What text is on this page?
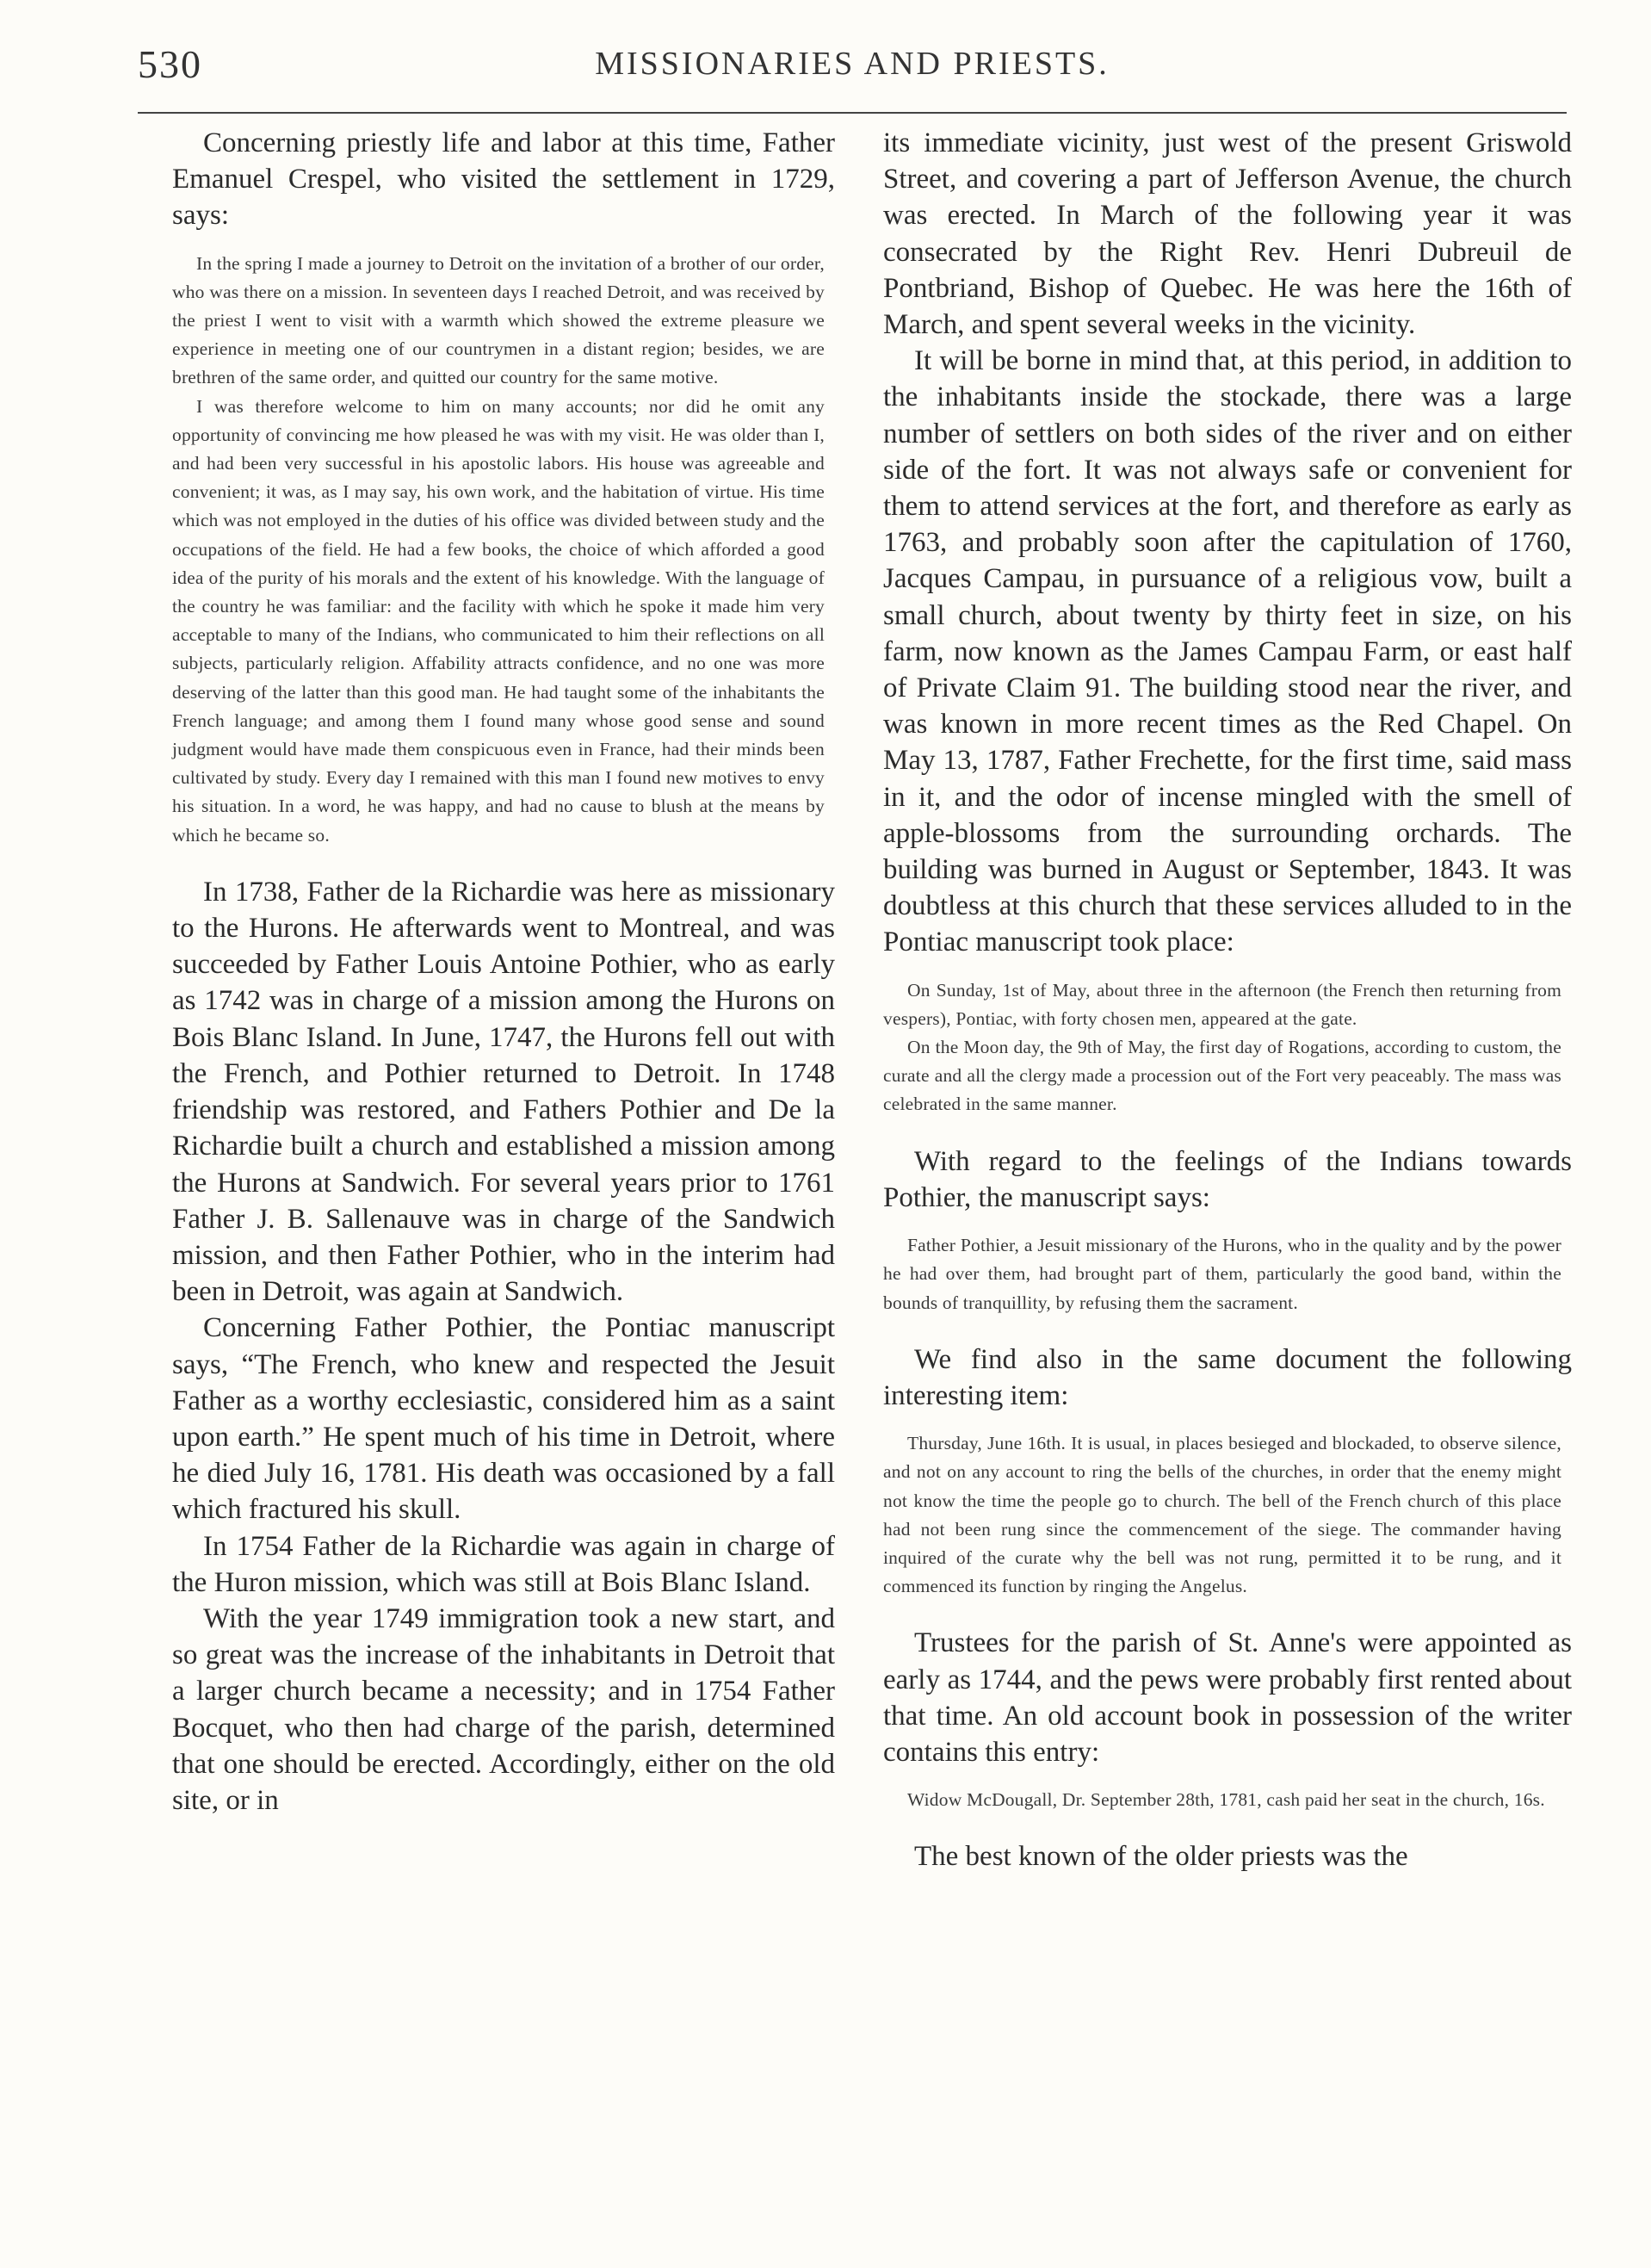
530	MISSIONARIES AND PRIESTS.

Concerning priestly life and labor at this time, Father Emanuel Crespel, who visited the settlement in 1729, says:

In the spring I made a journey to Detroit on the invitation of a brother of our order, who was there on a mission. In seventeen days I reached Detroit, and was received by the priest I went to visit with a warmth which showed the extreme pleasure we experience in meeting one of our countrymen in a distant region; besides, we are brethren of the same order, and quitted our country for the same motive.

I was therefore welcome to him on many accounts; nor did he omit any opportunity of convincing me how pleased he was with my visit. He was older than I, and had been very successful in his apostolic labors. His house was agreeable and convenient; it was, as I may say, his own work, and the habitation of virtue. His time which was not employed in the duties of his office was divided between study and the occupations of the field. He had a few books, the choice of which afforded a good idea of the purity of his morals and the extent of his knowledge. With the language of the country he was familiar: and the facility with which he spoke it made him very acceptable to many of the Indians, who communicated to him their reflections on all subjects, particularly religion. Affability attracts confidence, and no one was more deserving of the latter than this good man. He had taught some of the inhabitants the French language; and among them I found many whose good sense and sound judgment would have made them conspicuous even in France, had their minds been cultivated by study. Every day I remained with this man I found new motives to envy his situation. In a word, he was happy, and had no cause to blush at the means by which he became so.

In 1738, Father de la Richardie was here as missionary to the Hurons. He afterwards went to Montreal, and was succeeded by Father Louis Antoine Pothier, who as early as 1742 was in charge of a mission among the Hurons on Bois Blanc Island. In June, 1747, the Hurons fell out with the French, and Pothier returned to Detroit. In 1748 friendship was restored, and Fathers Pothier and De la Richardie built a church and established a mission among the Hurons at Sandwich. For several years prior to 1761 Father J. B. Sallenauve was in charge of the Sandwich mission, and then Father Pothier, who in the interim had been in Detroit, was again at Sandwich.

Concerning Father Pothier, the Pontiac manuscript says, “The French, who knew and respected the Jesuit Father as a worthy ecclesiastic, considered him as a saint upon earth.” He spent much of his time in Detroit, where he died July 16, 1781. His death was occasioned by a fall which fractured his skull.

In 1754 Father de la Richardie was again in charge of the Huron mission, which was still at Bois Blanc Island.

With the year 1749 immigration took a new start, and so great was the increase of the inhabitants in Detroit that a larger church became a necessity; and in 1754 Father Bocquet, who then had charge of the parish, determined that one should be erected. Accordingly, either on the old site, or in

its immediate vicinity, just west of the present Griswold Street, and covering a part of Jefferson Avenue, the church was erected. In March of the following year it was consecrated by the Right Rev. Henri Dubreuil de Pontbriand, Bishop of Quebec. He was here the 16th of March, and spent several weeks in the vicinity.

It will be borne in mind that, at this period, in addition to the inhabitants inside the stockade, there was a large number of settlers on both sides of the river and on either side of the fort. It was not always safe or convenient for them to attend services at the fort, and therefore as early as 1763, and probably soon after the capitulation of 1760, Jacques Campau, in pursuance of a religious vow, built a small church, about twenty by thirty feet in size, on his farm, now known as the James Campau Farm, or east half of Private Claim 91. The building stood near the river, and was known in more recent times as the Red Chapel. On May 13, 1787, Father Frechette, for the first time, said mass in it, and the odor of incense mingled with the smell of apple-blossoms from the surrounding orchards. The building was burned in August or September, 1843. It was doubtless at this church that these services alluded to in the Pontiac manuscript took place:

On Sunday, 1st of May, about three in the afternoon (the French then returning from vespers), Pontiac, with forty chosen men, appeared at the gate.

On the Moon day, the 9th of May, the first day of Rogations, according to custom, the curate and all the clergy made a procession out of the Fort very peaceably. The mass was celebrated in the same manner.

With regard to the feelings of the Indians towards Pothier, the manuscript says:

Father Pothier, a Jesuit missionary of the Hurons, who in the quality and by the power he had over them, had brought part of them, particularly the good band, within the bounds of tranquillity, by refusing them the sacrament.

We find also in the same document the following interesting item:

Thursday, June 16th. It is usual, in places besieged and blockaded, to observe silence, and not on any account to ring the bells of the churches, in order that the enemy might not know the time the people go to church. The bell of the French church of this place had not been rung since the commencement of the siege. The commander having inquired of the curate why the bell was not rung, permitted it to be rung, and it commenced its function by ringing the Angelus.

Trustees for the parish of St. Anne's were appointed as early as 1744, and the pews were probably first rented about that time. An old account book in possession of the writer contains this entry:

Widow McDougall, Dr. September 28th, 1781, cash paid her seat in the church, 16s.

The best known of the older priests was the
